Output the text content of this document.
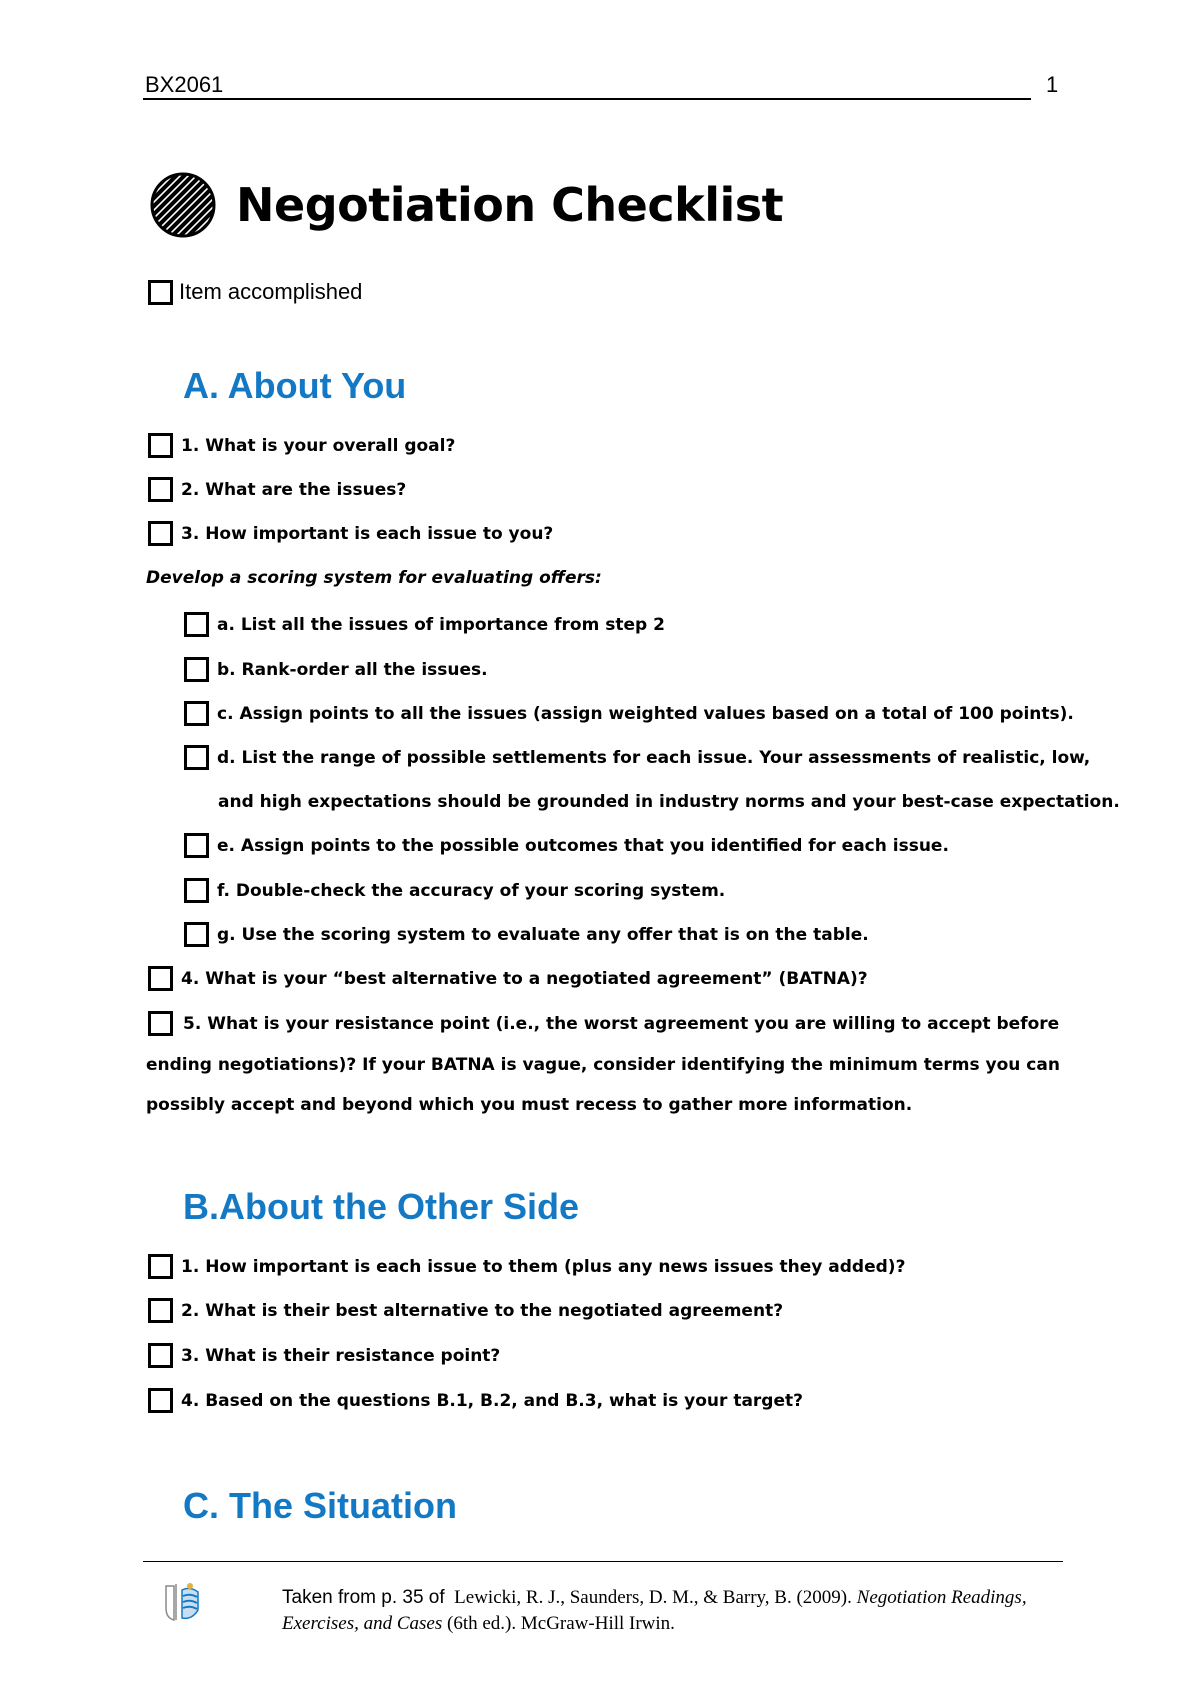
BX2061	1
Negotiation Checklist
Item accomplished
A. About You
1. What is your overall goal?
2. What are the issues?
3. How important is each issue to you?
Develop a scoring system for evaluating offers:
a. List all the issues of importance from step 2
b. Rank-order all the issues.
c. Assign points to all the issues (assign weighted values based on a total of 100 points).
d. List the range of possible settlements for each issue. Your assessments of realistic, low,
and high expectations should be grounded in industry norms and your best-case expectation.
e. Assign points to the possible outcomes that you identified for each issue.
f. Double-check the accuracy of your scoring system.
g. Use the scoring system to evaluate any offer that is on the table.
4. What is your “best alternative to a negotiated agreement” (BATNA)?
5. What is your resistance point (i.e., the worst agreement you are willing to accept before
ending negotiations)? If your BATNA is vague, consider identifying the minimum terms you can
possibly accept and beyond which you must recess to gather more information.
B.About the Other Side
1. How important is each issue to them (plus any news issues they added)?
2. What is their best alternative to the negotiated agreement?
3. What is their resistance point?
4. Based on the questions B.1, B.2, and B.3, what is your target?
C. The Situation
Taken from p. 35 of Lewicki, R. J., Saunders, D. M., & Barry, B. (2009). Negotiation Readings, Exercises, and Cases (6th ed.). McGraw-Hill Irwin.
